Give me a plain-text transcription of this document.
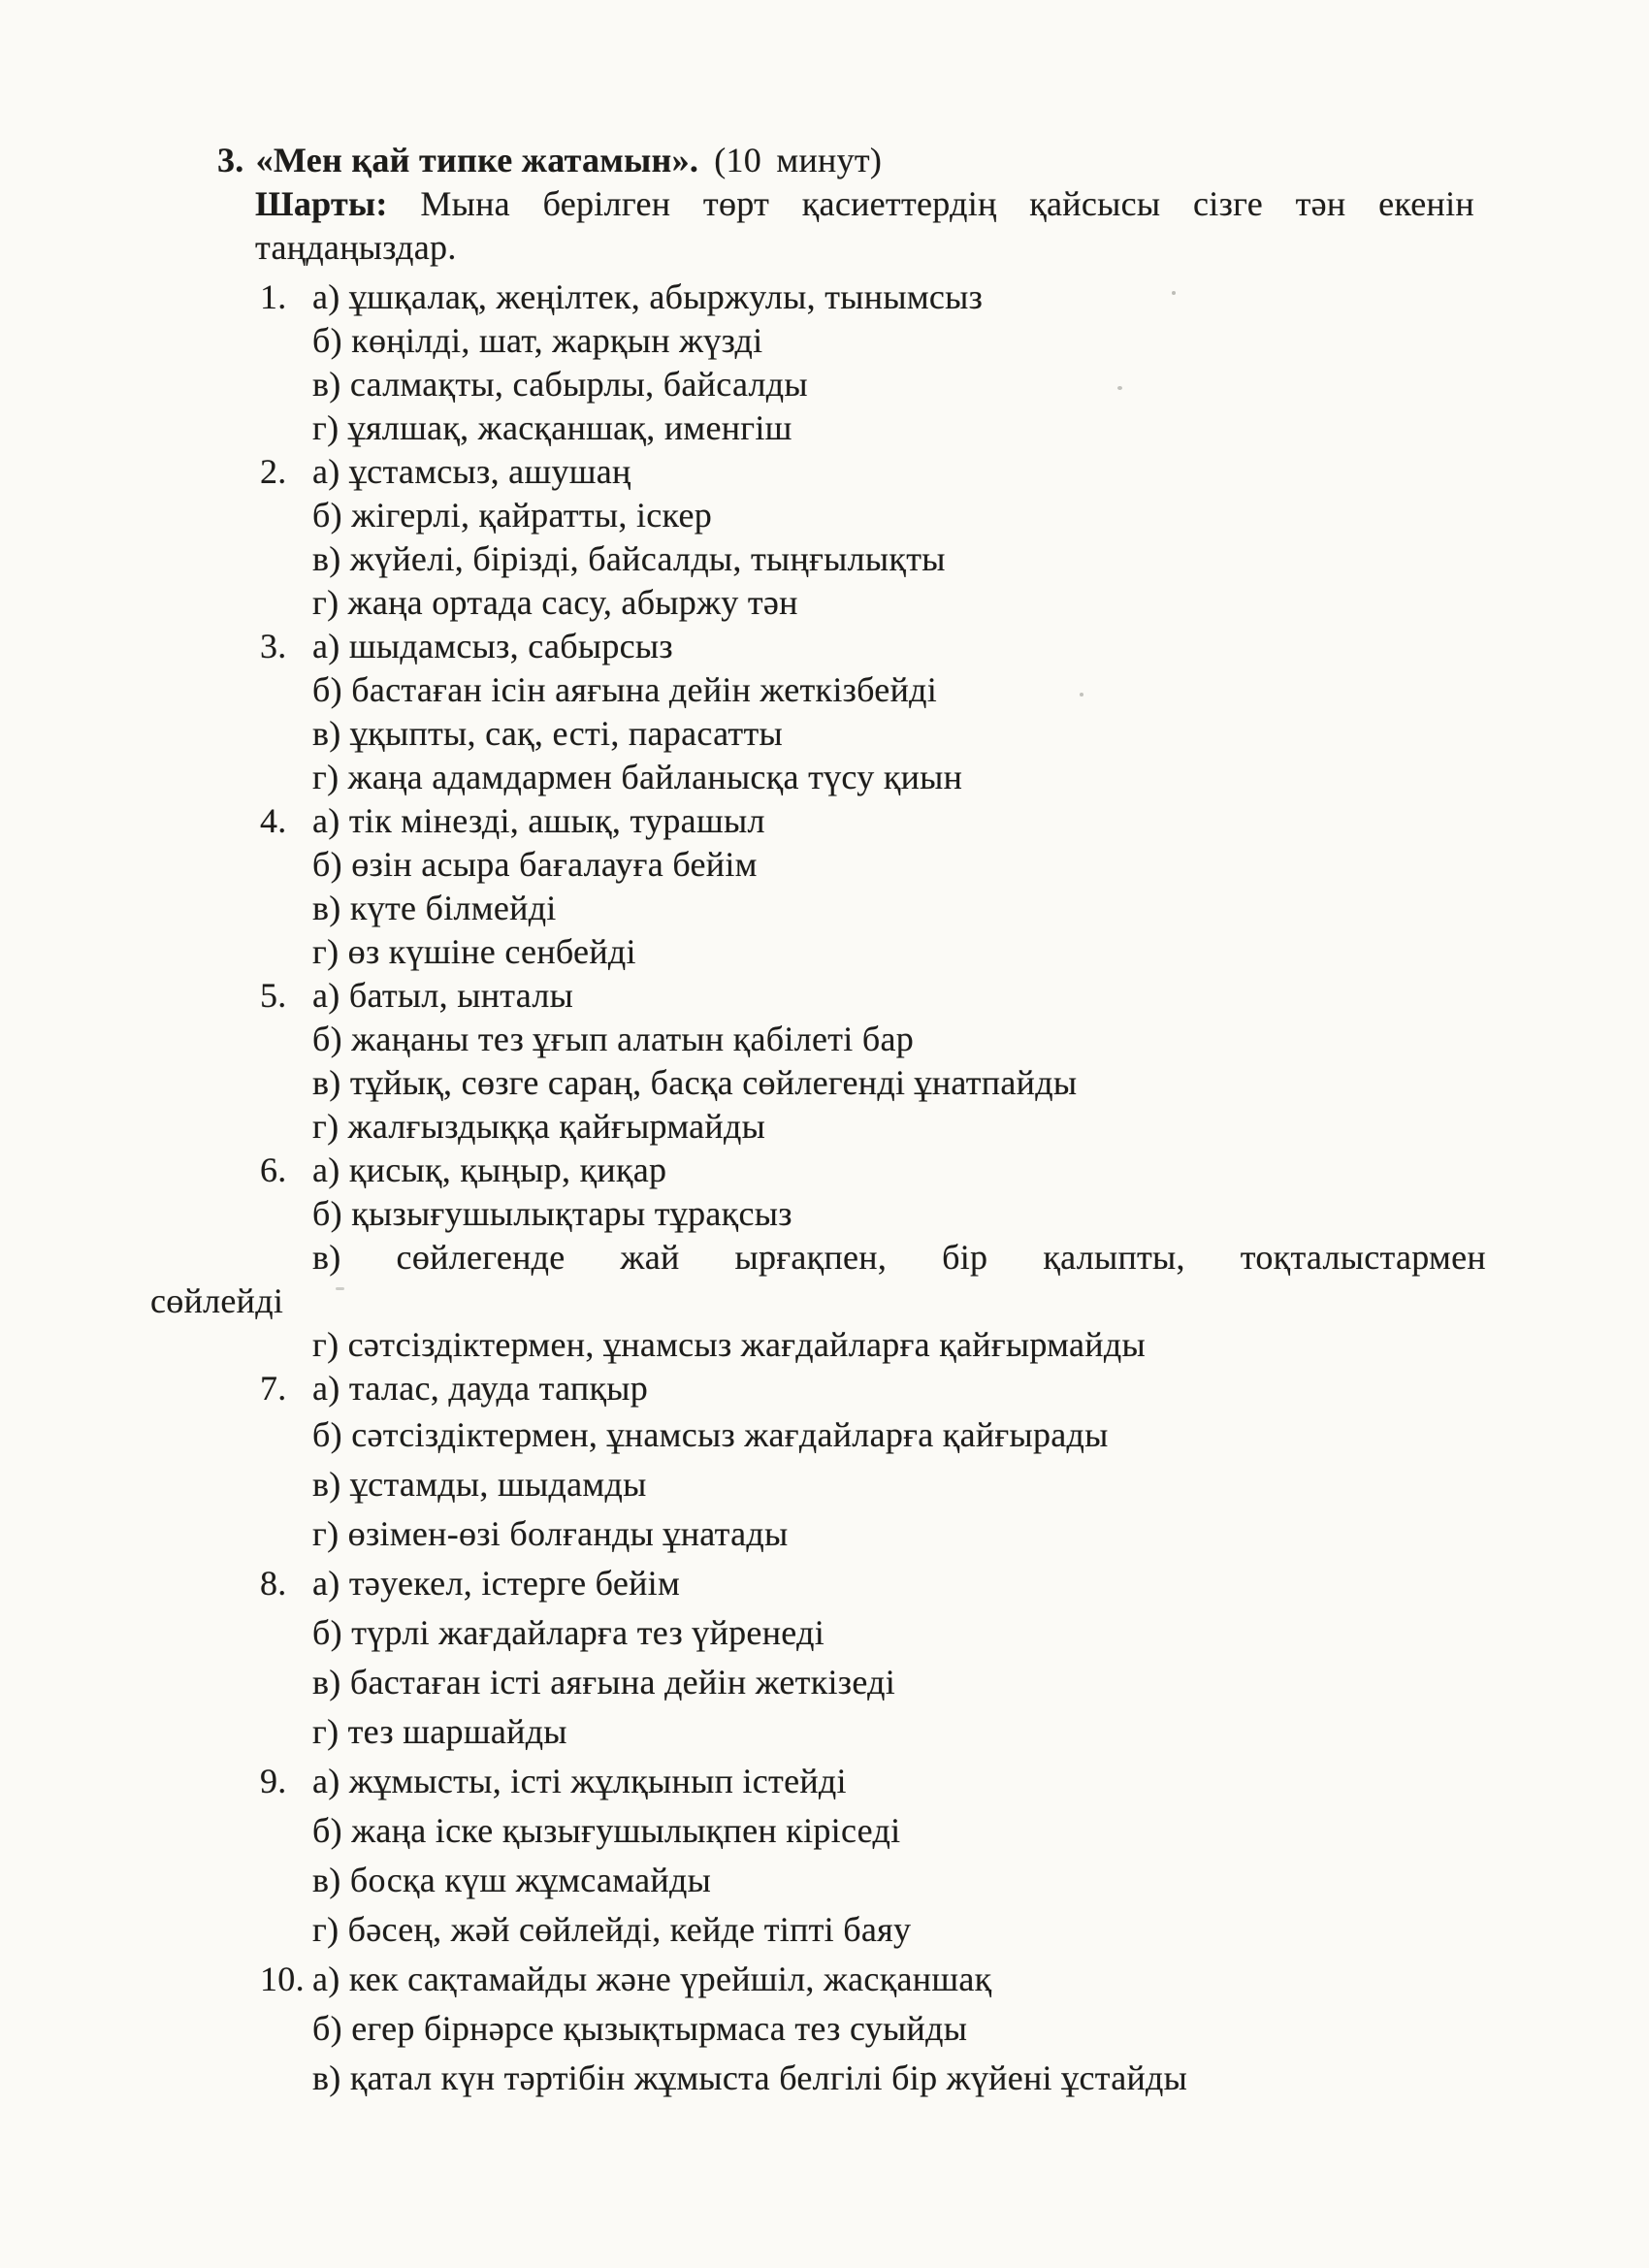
3. «Мен қай типке жатамын». (10 минут)
Шарты: Мына берілген төрт қасиеттердің қайсысы сізге тән екенін
таңдаңыздар.
1. а) ұшқалақ, жеңілтек, абыржулы, тынымсыз
б) көңілді, шат, жарқын жүзді
в) салмақты, сабырлы, байсалды
г) ұялшақ, жасқаншақ, именгіш
2. а) ұстамсыз, ашушаң
б) жігерлі, қайратты, іскер
в) жүйелі, бірізді, байсалды, тыңғылықты
г) жаңа ортада сасу, абыржу тән
3. а) шыдамсыз, сабырсыз
б) бастаған ісін аяғына дейін жеткізбейді
в) ұқыпты, сақ, есті, парасатты
г) жаңа адамдармен байланысқа түсу қиын
4. а) тік мінезді, ашық, турашыл
б) өзін асыра бағалауға бейім
в) күте білмейді
г) өз күшіне сенбейді
5. а) батыл, ынталы
б) жаңаны тез ұғып алатын қабілеті бар
в) тұйық, сөзге сараң, басқа сөйлегенді ұнатпайды
г) жалғыздыққа қайғырмайды
6. а) қисық, қыңыр, қиқар
б) қызығушылықтары тұрақсыз
в) сөйлегенде жай ырғақпен, бір қалыпты, тоқталыстармен
сөйлейді
г) сәтсіздіктермен, ұнамсыз жағдайларға қайғырмайды
7. а) талас, дауда тапқыр
б) сәтсіздіктермен, ұнамсыз жағдайларға қайғырады
в) ұстамды, шыдамды
г) өзімен-өзі болғанды ұнатады
8. а) тәуекел, істерге бейім
б) түрлі жағдайларға тез үйренеді
в) бастаған істі аяғына дейін жеткізеді
г) тез шаршайды
9. а) жұмысты, істі жұлқынып істейді
б) жаңа іске қызығушылықпен кіріседі
в) босқа күш жұмсамайды
г) бәсең, жәй сөйлейді, кейде тіпті баяу
10. а) кек сақтамайды және үрейшіл, жасқаншақ
б) егер бірнәрсе қызықтырмаса тез суыйды
в) қатал күн тәртібін жұмыста белгілі бір жүйені ұстайды
